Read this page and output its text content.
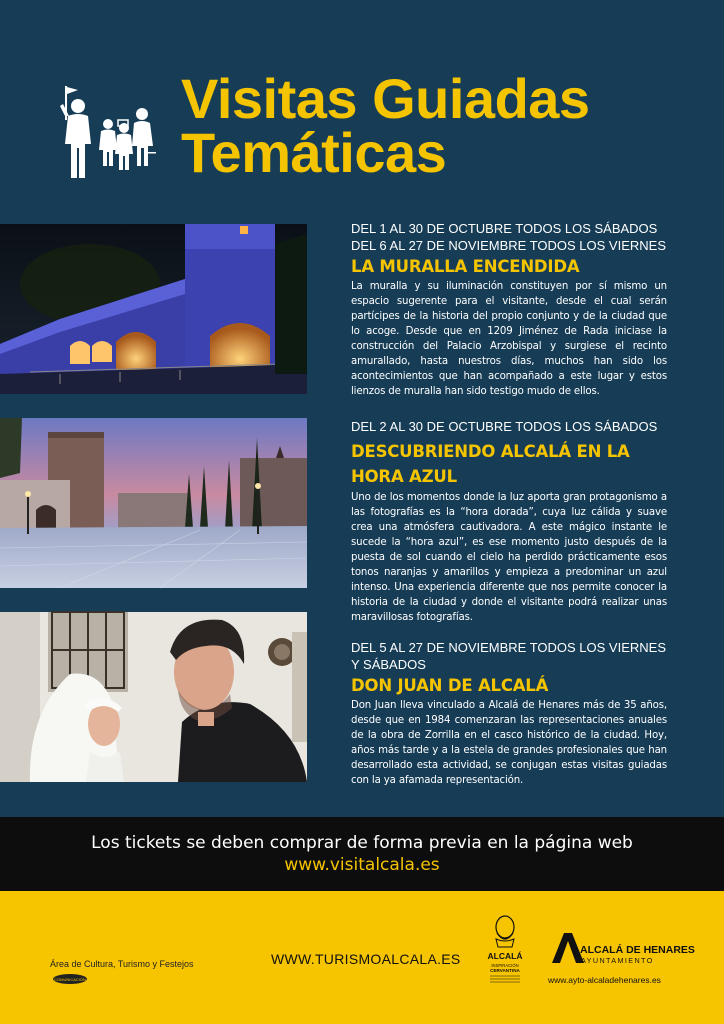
Visitas Guiadas
Temáticas

DEL 1 AL 30 DE OCTUBRE TODOS LOS SÁBADOS
DEL 6 AL 27 DE NOVIEMBRE TODOS LOS VIERNES

LA MURALLA ENCENDIDA

La muralla y su iluminación constituyen por sí mismo un espacio sugerente para el visitante, desde el cual serán partícipes de la historia del propio conjunto y de la ciudad que lo acoge. Desde que en 1209 Jiménez de Rada iniciase la construcción del Palacio Arzobispal y surgiese el recinto amurallado, hasta nuestros días, muchos han sido los acontecimientos que han acompañado a este lugar y estos lienzos de muralla han sido testigo mudo de ellos.

DEL 2 AL 30 DE OCTUBRE TODOS LOS SÁBADOS

DESCUBRIENDO ALCALÁ EN LA HORA AZUL

Uno de los momentos donde la luz aporta gran protagonismo a las fotografías es la “hora dorada”, cuya luz cálida y suave crea una atmósfera cautivadora. A este mágico instante le sucede la “hora azul”, es ese momento justo después de la puesta de sol cuando el cielo ha perdido prácticamente esos tonos naranjas y amarillos y empieza a predominar un azul intenso. Una experiencia diferente que nos permite conocer la historia de la ciudad y donde el visitante podrá realizar unas maravillosas fotografías.

DEL 5 AL 27 DE NOVIEMBRE TODOS LOS VIERNES Y SÁBADOS

DON JUAN DE ALCALÁ

Don Juan lleva vinculado a Alcalá de Henares más de 35 años, desde que en 1984 comenzaran las representaciones anuales de la obra de Zorrilla en el casco histórico de la ciudad. Hoy, años más tarde y a la estela de grandes profesionales que han desarrollado esta actividad, se conjugan estas visitas guiadas con la ya afamada representación.

Los tickets se deben comprar de forma previa en la página web
www.visitalcala.es
Área de Cultura, Turismo y Festejos
COMUNICACIÓN
WWW.TURISMOALCALA.ES	ALCALÁ
INSPIRACIÓN
CERVANTINA
ALCALÁ DE HENARES
AYUNTAMIENTO
www.ayto-alcaladehenares.es
